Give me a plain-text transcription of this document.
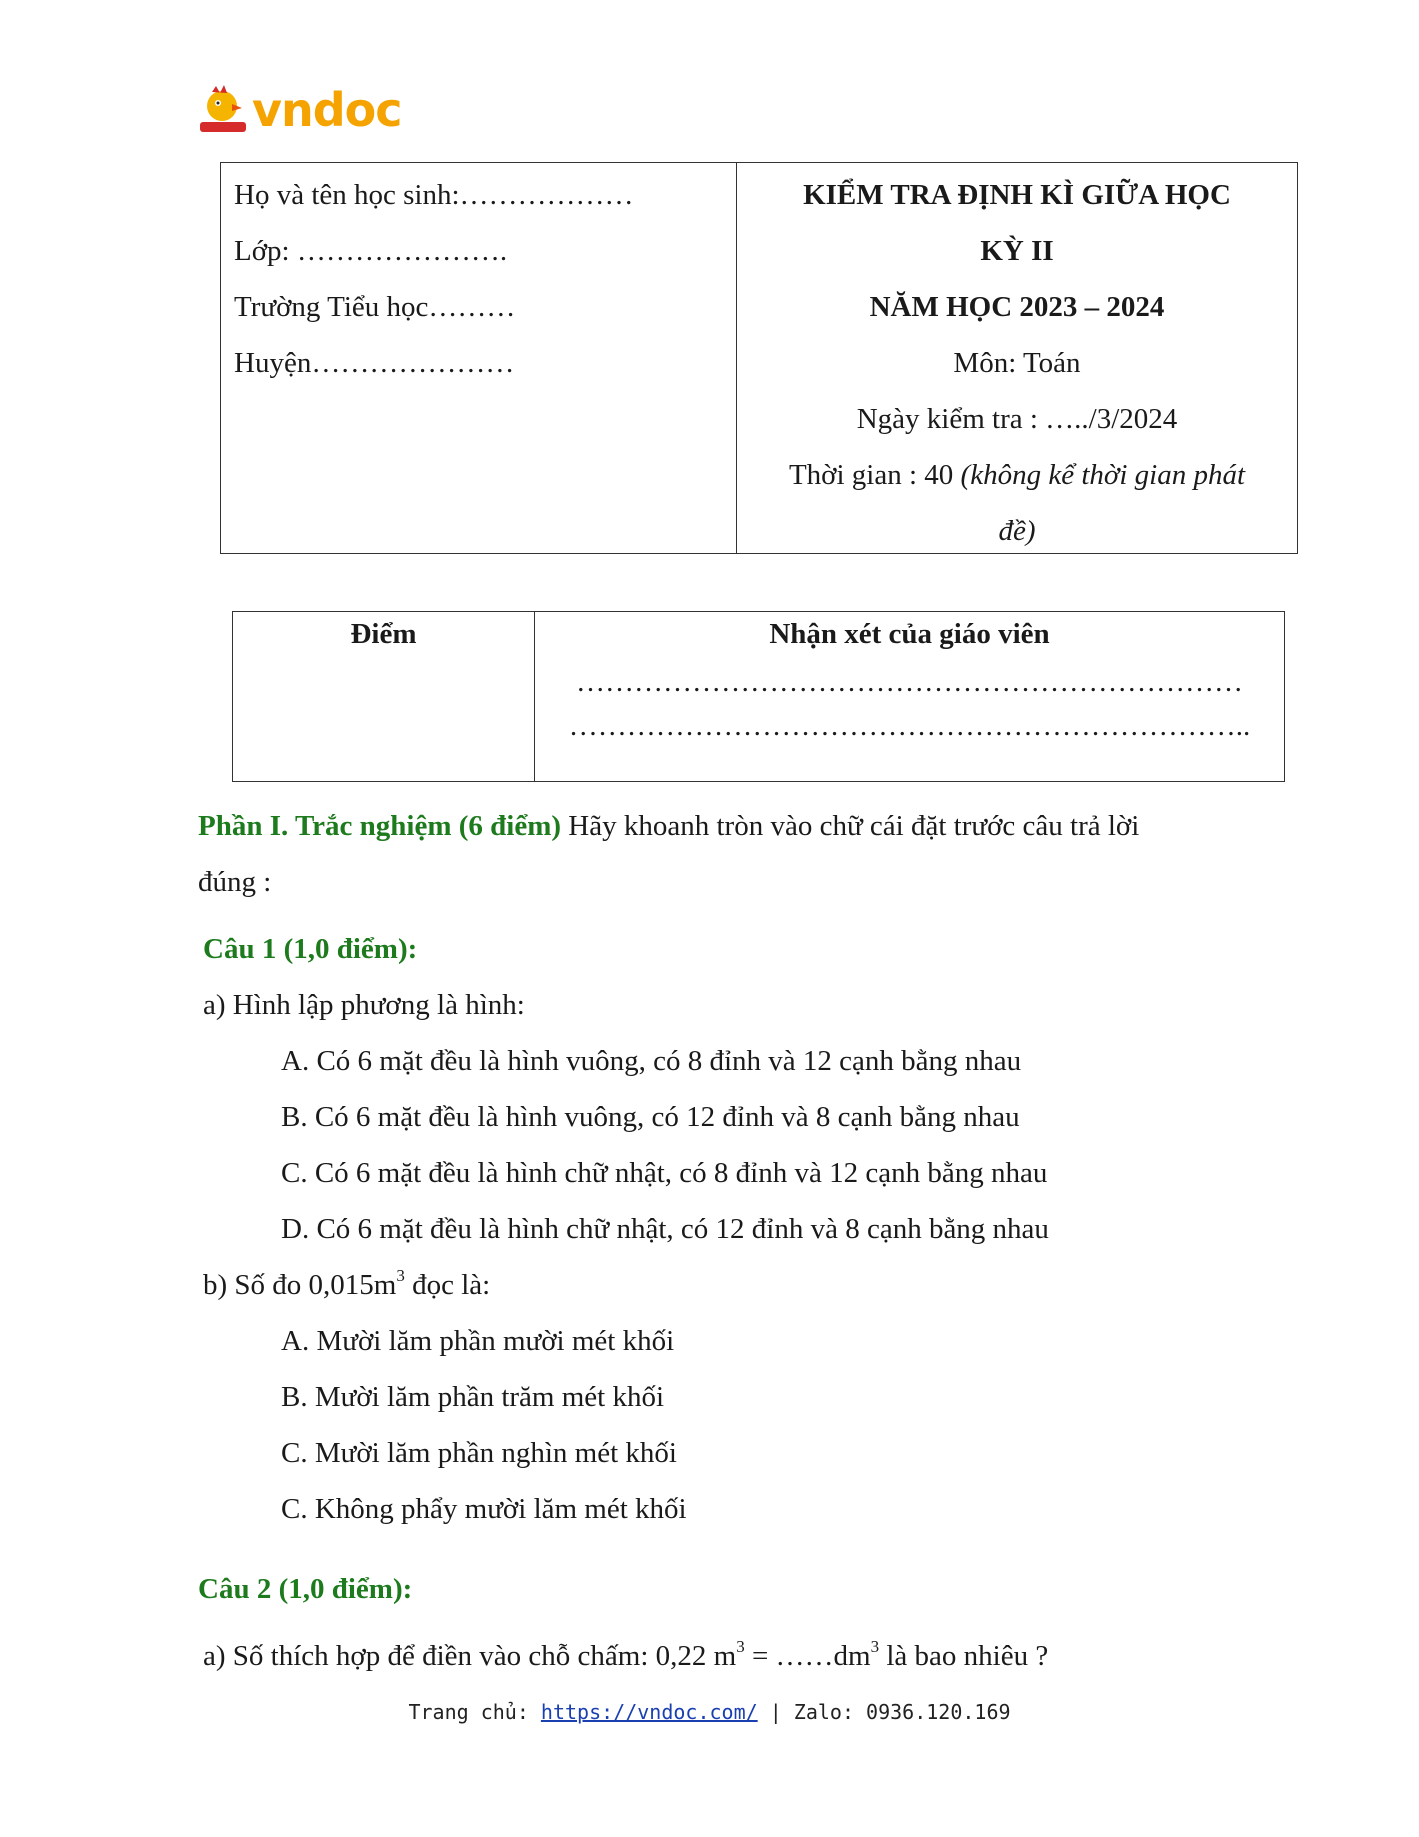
vndoc
Họ và tên học sinh:………………
Lớp: ………………….
Trường Tiểu học………
Huyện…………………
KIỂM TRA ĐỊNH KÌ GIỮA HỌC
KỲ II
NĂM HỌC 2023 – 2024
Môn: Toán
Ngày kiểm tra : …../3/2024
Thời gian : 40 (không kể thời gian phát
đề)
Điểm	Nhận xét của giáo viên
……………………………………………………………
……………………………………………………………..
Phần I. Trắc nghiệm (6 điểm) Hãy khoanh tròn vào chữ cái đặt trước câu trả lời
đúng :
Câu 1 (1,0 điểm):
a) Hình lập phương là hình:
A. Có 6 mặt đều là hình vuông, có 8 đỉnh và 12 cạnh bằng nhau
B. Có 6 mặt đều là hình vuông, có 12 đỉnh và 8 cạnh bằng nhau
C. Có 6 mặt đều là hình chữ nhật, có 8 đỉnh và 12 cạnh bằng nhau
D. Có 6 mặt đều là hình chữ nhật, có 12 đỉnh và 8 cạnh bằng nhau
b) Số đo $0,015m^3$ đọc là:
A. Mười lăm phần mười mét khối
B. Mười lăm phần trăm mét khối
C. Mười lăm phần nghìn mét khối
C. Không phẩy mười lăm mét khối
Câu 2 (1,0 điểm):
a) Số thích hợp để điền vào chỗ chấm: 0,22 $m^3$ = $\dots\dots dm^3$ là bao nhiêu ?
Trang chủ: https://vndoc.com/ | Zalo: 0936.120.169
